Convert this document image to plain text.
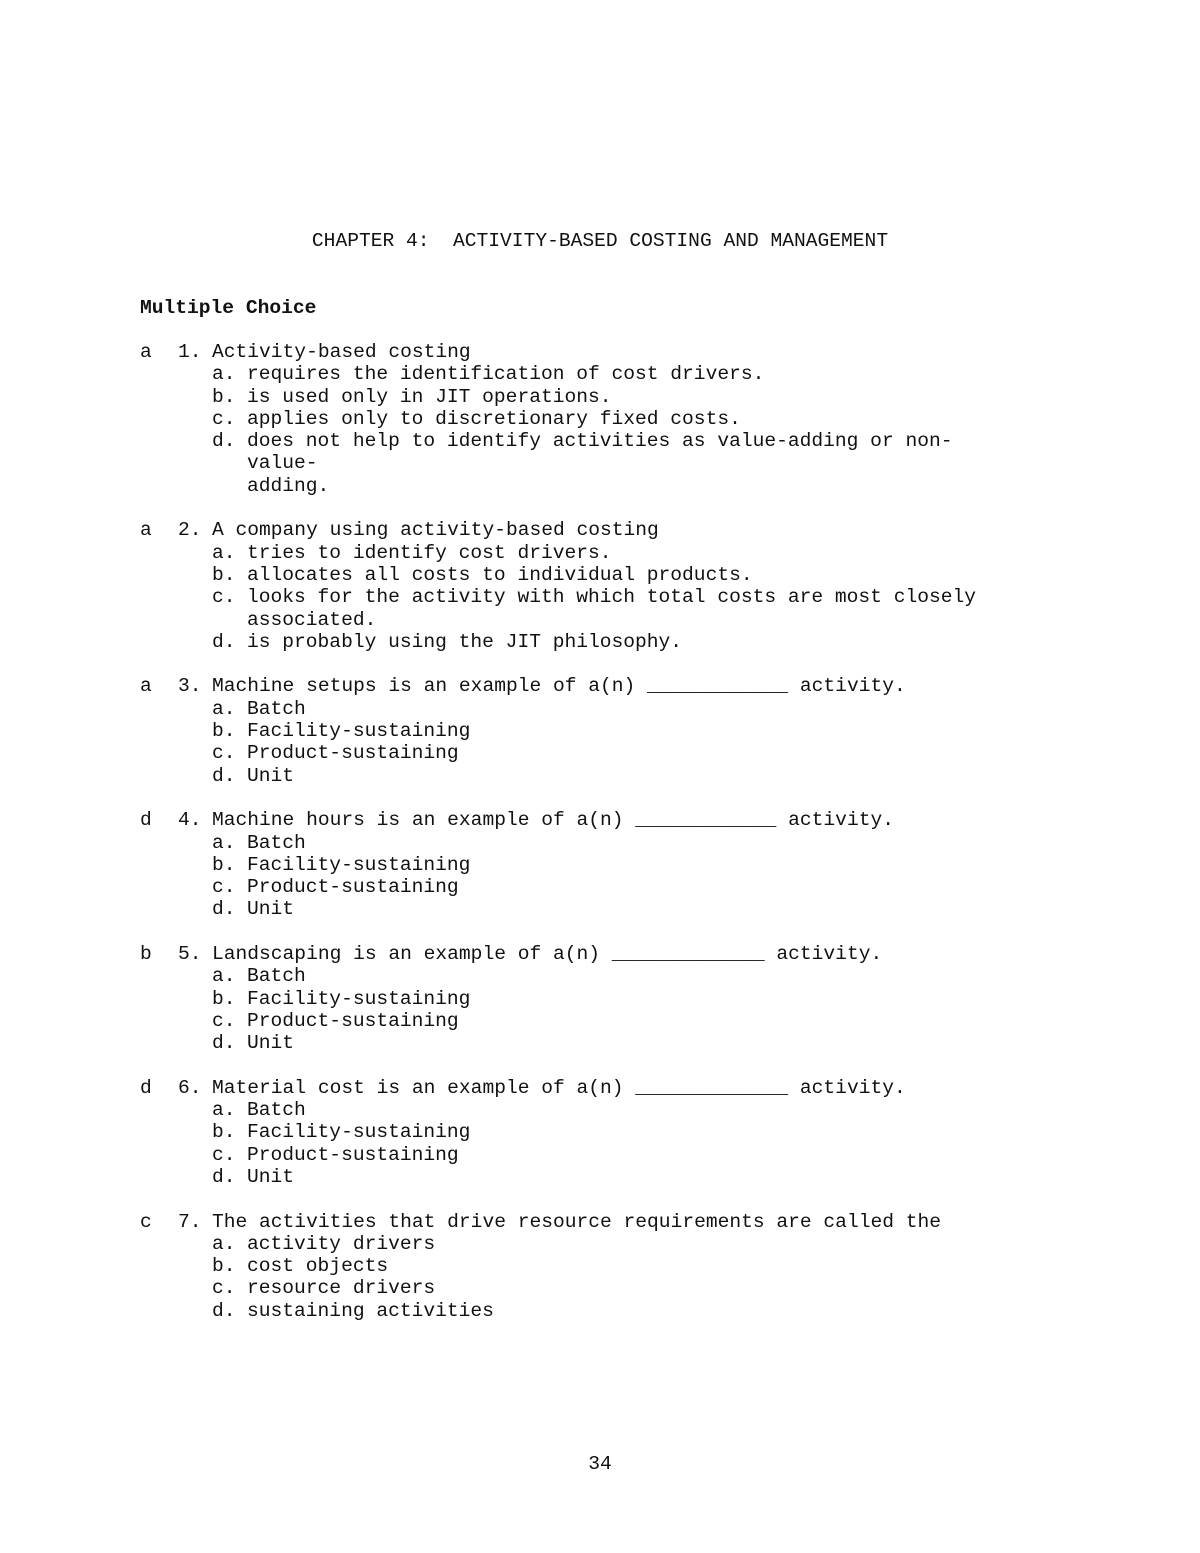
CHAPTER 4:  ACTIVITY-BASED COSTING AND MANAGEMENT
Multiple Choice
a	1. Activity-based costing
a. requires the identification of cost drivers.
b. is used only in JIT operations.
c. applies only to discretionary fixed costs.
d. does not help to identify activities as value-adding or non-value-
adding.
a	2. A company using activity-based costing
a. tries to identify cost drivers.
b. allocates all costs to individual products.
c. looks for the activity with which total costs are most closely
associated.
d. is probably using the JIT philosophy.
a	3. Machine setups is an example of a(n) ____________ activity.
a. Batch
b. Facility-sustaining
c. Product-sustaining
d. Unit
d	4. Machine hours is an example of a(n) ____________ activity.
a. Batch
b. Facility-sustaining
c. Product-sustaining
d. Unit
b	5. Landscaping is an example of a(n) _____________ activity.
a. Batch
b. Facility-sustaining
c. Product-sustaining
d. Unit
d	6. Material cost is an example of a(n) _____________ activity.
a. Batch
b. Facility-sustaining
c. Product-sustaining
d. Unit
c	7. The activities that drive resource requirements are called the
a. activity drivers
b. cost objects
c. resource drivers
d. sustaining activities
34
